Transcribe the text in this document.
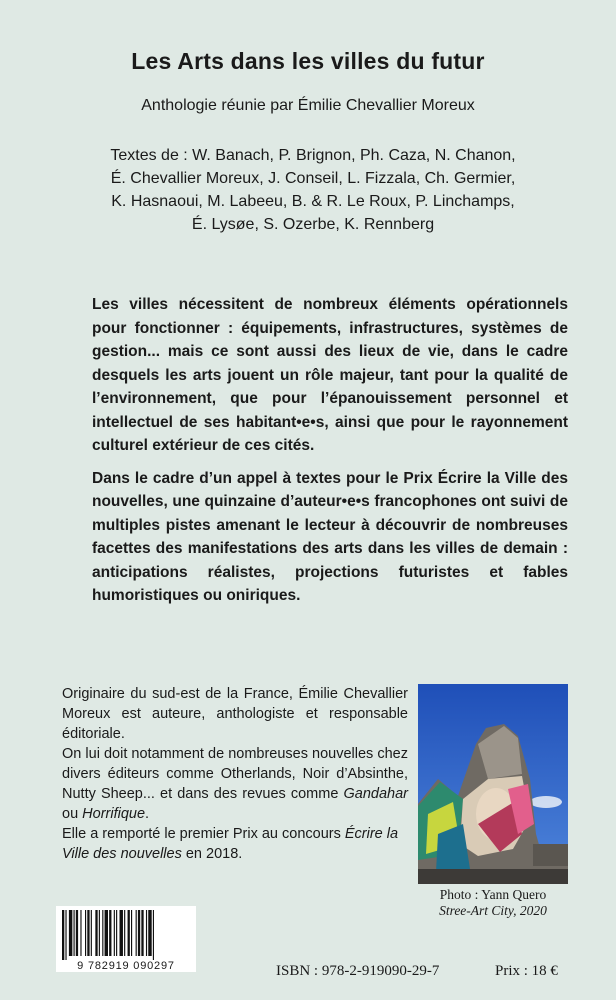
Les Arts dans les villes du futur
Anthologie réunie par Émilie Chevallier Moreux
Textes de : W. Banach, P. Brignon, Ph. Caza, N. Chanon,
É. Chevallier Moreux, J. Conseil, L. Fizzala, Ch. Germier,
K. Hasnaoui, M. Labeeu, B. & R. Le Roux, P. Linchamps,
É. Lysøe, S. Ozerbe, K. Rennberg

Les villes nécessitent de nombreux éléments opérationnels pour fonctionner : équipements, infrastructures, systèmes de gestion... mais ce sont aussi des lieux de vie, dans le cadre desquels les arts jouent un rôle majeur, tant pour la qualité de l’environnement, que pour l’épanouissement personnel et intellectuel de ses habitant•e•s, ainsi que pour le rayonnement culturel extérieur de ces cités.

Dans le cadre d’un appel à textes pour le Prix Écrire la Ville des nouvelles, une quinzaine d’auteur•e•s francophones ont suivi de multiples pistes amenant le lecteur à découvrir de nombreuses facettes des manifestations des arts dans les villes de demain : anticipations réalistes, projections futuristes et fables humoristiques ou oniriques.

Originaire du sud-est de la France, Émilie Chevallier Moreux est auteure, anthologiste et responsable éditoriale.

On lui doit notamment de nombreuses nouvelles chez divers éditeurs comme Otherlands, Noir d’Absinthe, Nutty Sheep... et dans des revues comme Gandahar ou Horrifique.

Elle a remporté le premier Prix au concours Écrire la Ville des nouvelles en 2018.

Photo : Yann Quero
Stree-Art City, 2020
9 782919 090297	ISBN : 978-2-919090-29-7	Prix : 18 €
